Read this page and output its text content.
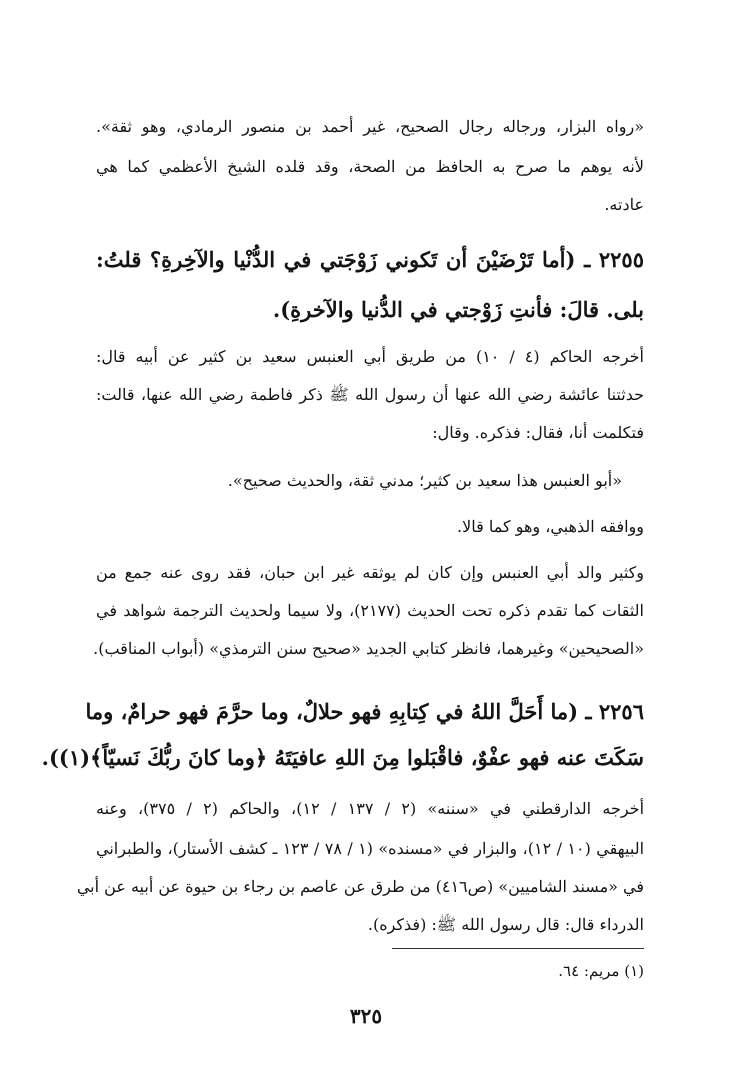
«رواه البزار، ورجاله رجال الصحيح، غير أحمد بن منصور الرمادي، وهو ثقة».
لأنه يوهم ما صرح به الحافظ من الصحة، وقد قلده الشيخ الأعظمي كما هي
عادته.
٢٢٥٥ ـ (أما تَرْضَيْنَ أن تَكوني زَوْجَتي في الدُّنْيا والآخِرةِ؟ قلتُ:
بلى. قالَ: فأنتِ زَوْجتي في الدُّنيا والآخرةِ).
أخرجه الحاكم (٤ / ١٠) من طريق أبي العنبس سعيد بن كثير عن أبيه قال:
حدثتنا عائشة رضي الله عنها أن رسول الله ﷺ ذكر فاطمة رضي الله عنها، قالت:
فتكلمت أنا، فقال: فذكره. وقال:
«أبو العنبس هذا سعيد بن كثير؛ مدني ثقة، والحديث صحيح».
ووافقه الذهبي، وهو كما قالا.
وكثير والد أبي العنبس وإن كان لم يوثقه غير ابن حبان، فقد روى عنه جمع من
الثقات كما تقدم ذكره تحت الحديث (٢١٧٧)، ولا سيما ولحديث الترجمة شواهد في
«الصحيحين» وغيرهما، فانظر كتابي الجديد «صحيح سنن الترمذي» (أبواب المناقب).
٢٢٥٦ ـ (ما أَحَلَّ اللهُ في كِتابِهِ فهو حلالٌ، وما حرَّمَ فهو حرامٌ، وما
سَكَتَ عنه فهو عفْوٌ، فاقْبَلوا مِنَ اللهِ عافيَتَهُ ﴿وما كانَ ربُّكَ نَسيّاً﴾(١)).
أخرجه الدارقطني في «سننه» (٢ / ١٣٧ / ١٢)، والحاكم (٢ / ٣٧٥)، وعنه
البيهقي (١٠ / ١٢)، والبزار في «مسنده» (١ / ٧٨ / ١٢٣ ـ كشف الأستار)، والطبراني
في «مسند الشاميين» (ص٤١٦) من طرق عن عاصم بن رجاء بن حيوة عن أبيه عن أبي
الدرداء قال: قال رسول الله ﷺ: (فذكره).
(١) مريم: ٦٤.
٣٢٥
